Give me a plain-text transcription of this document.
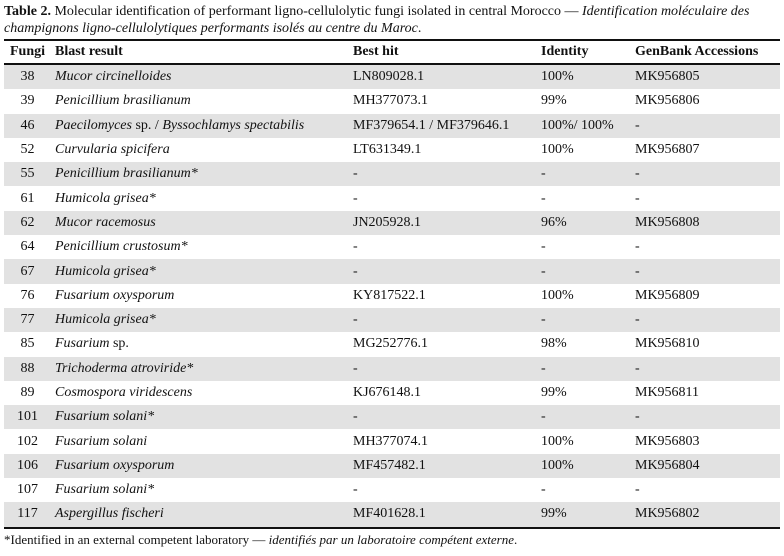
Table 2. Molecular identification of performant ligno-cellulolytic fungi isolated in central Morocco — Identification moléculaire des champignons ligno-cellulolytiques performants isolés au centre du Maroc.
Fungi	Blast result	Best hit	Identity	GenBank Accessions
38	Mucor circinelloides	LN809028.1	100%	MK956805
39	Penicillium brasilianum	MH377073.1	99%	MK956806
46	Paecilomyces sp. / Byssochlamys spectabilis	MF379654.1 / MF379646.1	100%/ 100%	-
52	Curvularia spicifera	LT631349.1	100%	MK956807
55	Penicillium brasilianum*	-	-	-
61	Humicola grisea*	-	-	-
62	Mucor racemosus	JN205928.1	96%	MK956808
64	Penicillium crustosum*	-	-	-
67	Humicola grisea*	-	-	-
76	Fusarium oxysporum	KY817522.1	100%	MK956809
77	Humicola grisea*	-	-	-
85	Fusarium sp.	MG252776.1	98%	MK956810
88	Trichoderma atroviride*	-	-	-
89	Cosmospora viridescens	KJ676148.1	99%	MK956811
101	Fusarium solani*	-	-	-
102	Fusarium solani	MH377074.1	100%	MK956803
106	Fusarium oxysporum	MF457482.1	100%	MK956804
107	Fusarium solani*	-	-	-
117	Aspergillus fischeri	MF401628.1	99%	MK956802
*Identified in an external competent laboratory — identifiés par un laboratoire compétent externe.
